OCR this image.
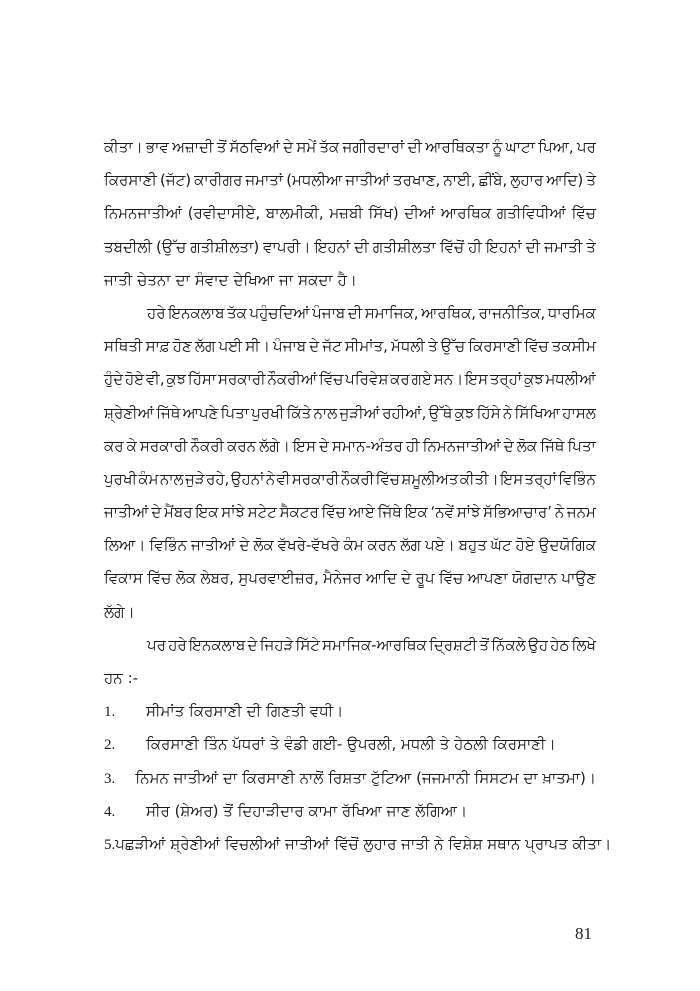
ਕੀਤਾ। ਭਾਵ ਅਜ਼ਾਦੀ ਤੋਂ ਸੱਠਵਿਆਂ ਦੇ ਸਮੇਂ ਤੱਕ ਜਗੀਰਦਾਰਾਂ ਦੀ ਆਰਥਿਕਤਾ ਨੂੰ ਘਾਟਾ ਪਿਆ, ਪਰ
ਕਿਰਸਾਣੀ (ਜੱਟ) ਕਾਰੀਗਰ ਜਮਾਤਾਂ (ਮਧਲੀਆ ਜਾਤੀਆਂ ਤਰਖਾਣ, ਨਾਈ, ਛੀਂਬੇ, ਲੁਹਾਰ ਆਦਿ) ਤੇ
ਨਿਮਨਜਾਤੀਆਂ (ਰਵੀਦਾਸੀਏ, ਬਾਲਮੀਕੀ, ਮਜ਼ਬੀ ਸਿੱਖ) ਦੀਆਂ ਆਰਥਿਕ ਗਤੀਵਿਧੀਆਂ ਵਿੱਚ
ਤਬਦੀਲੀ (ਉੱਚ ਗਤੀਸ਼ੀਲਤਾ) ਵਾਪਰੀ। ਇਹਨਾਂ ਦੀ ਗਤੀਸ਼ੀਲਤਾ ਵਿੱਚੋਂ ਹੀ ਇਹਨਾਂ ਦੀ ਜਮਾਤੀ ਤੇ
ਜਾਤੀ ਚੇਤਨਾ ਦਾ ਸੰਵਾਦ ਦੇਖਿਆ ਜਾ ਸਕਦਾ ਹੈ।
ਹਰੇ ਇਨਕਲਾਬ ਤੱਕ ਪਹੁੰਚਦਿਆਂ ਪੰਜਾਬ ਦੀ ਸਮਾਜਿਕ, ਆਰਥਿਕ, ਰਾਜਨੀਤਿਕ, ਧਾਰਮਿਕ
ਸਥਿਤੀ ਸਾਫ਼ ਹੋਣ ਲੱਗ ਪਈ ਸੀ। ਪੰਜਾਬ ਦੇ ਜੱਟ ਸੀਮਾਂਤ, ਮੱਧਲੀ ਤੇ ਉੱਚ ਕਿਰਸਾਣੀ ਵਿੱਚ ਤਕਸੀਮ
ਹੁੰਦੇ ਹੋਏ ਵੀ, ਕੁਝ ਹਿੱਸਾ ਸਰਕਾਰੀ ਨੌਕਰੀਆਂ ਵਿੱਚ ਪਰਿਵੇਸ਼ ਕਰ ਗਏ ਸਨ। ਇਸ ਤਰ੍ਹਾਂ ਕੁਝ ਮਧਲੀਆਂ
ਸ਼੍ਰੇਣੀਆਂ ਜਿੱਥੇ ਆਪਣੇ ਪਿਤਾ ਪੁਰਖੀ ਕਿੱਤੇ ਨਾਲ ਜੁੜੀਆਂ ਰਹੀਆਂ, ਉੱਥੇ ਕੁਝ ਹਿੱਸੇ ਨੇ ਸਿੱਖਿਆ ਹਾਸਲ
ਕਰ ਕੇ ਸਰਕਾਰੀ ਨੌਕਰੀ ਕਰਨ ਲੱਗੇ। ਇਸ ਦੇ ਸਮਾਨ-ਅੰਤਰ ਹੀ ਨਿਮਨਜਾਤੀਆਂ ਦੇ ਲੋਕ ਜਿੱਥੇ ਪਿਤਾ
ਪੁਰਖੀ ਕੰਮ ਨਾਲ ਜੁੜੇ ਰਹੇ, ਉਹਨਾਂ ਨੇ ਵੀ ਸਰਕਾਰੀ ਨੌਕਰੀ ਵਿੱਚ ਸ਼ਮੂਲੀਅਤ ਕੀਤੀ। ਇਸ ਤਰ੍ਹਾਂ ਵਿਭਿੰਨ
ਜਾਤੀਆਂ ਦੇ ਮੈਂਬਰ ਇਕ ਸਾਂਝੇ ਸਟੇਟ ਸੈਕਟਰ ਵਿੱਚ ਆਏ ਜਿੱਥੇ ਇਕ ‘ਨਵੇਂ ਸਾਂਝੇ ਸੱਭਿਆਚਾਰ’ ਨੇ ਜਨਮ
ਲਿਆ। ਵਿਭਿੰਨ ਜਾਤੀਆਂ ਦੇ ਲੋਕ ਵੱਖਰੇ-ਵੱਖਰੇ ਕੰਮ ਕਰਨ ਲੱਗ ਪਏ। ਬਹੁਤ ਘੱਟ ਹੋਏ ਉਦਯੋਗਿਕ
ਵਿਕਾਸ ਵਿੱਚ ਲੋਕ ਲੇਬਰ, ਸੁਪਰਵਾਈਜ਼ਰ, ਮੈਨੇਜਰ ਆਦਿ ਦੇ ਰੂਪ ਵਿੱਚ ਆਪਣਾ ਯੋਗਦਾਨ ਪਾਉਣ
ਲੱਗੇ।
ਪਰ ਹਰੇ ਇਨਕਲਾਬ ਦੇ ਜਿਹੜੇ ਸਿੱਟੇ ਸਮਾਜਿਕ-ਆਰਥਿਕ ਦ੍ਰਿਸ਼ਟੀ ਤੋਂ ਨਿੱਕਲੇ ਉਹ ਹੇਠ ਲਿਖੇ
ਹਨ :-
1.	ਸੀਮਾਂਤ ਕਿਰਸਾਣੀ ਦੀ ਗਿਣਤੀ ਵਧੀ।
2.	ਕਿਰਸਾਣੀ ਤਿੰਨ ਪੱਧਰਾਂ ਤੇ ਵੰਡੀ ਗਈ- ਉਪਰਲੀ, ਮਧਲੀ ਤੇ ਹੇਠਲੀ ਕਿਰਸਾਣੀ।
3.	ਨਿਮਨ ਜਾਤੀਆਂ ਦਾ ਕਿਰਸਾਣੀ ਨਾਲੋਂ ਰਿਸ਼ਤਾ ਟੁੱਟਿਆ (ਜਜਮਾਨੀ ਸਿਸਟਮ ਦਾ ਖ਼ਾਤਮਾ)।
4.	ਸੀਰ (ਸ਼ੇਅਰ) ਤੋਂ ਦਿਹਾੜੀਦਾਰ ਕਾਮਾ ਰੱਖਿਆ ਜਾਣ ਲੱਗਿਆ।
5. ਪਛੜੀਆਂ ਸ਼੍ਰੇਣੀਆਂ ਵਿਚਲੀਆਂ ਜਾਤੀਆਂ ਵਿੱਚੋਂ ਲੁਹਾਰ ਜਾਤੀ ਨੇ ਵਿਸ਼ੇਸ਼ ਸਥਾਨ ਪ੍ਰਾਪਤ ਕੀਤਾ।
81
